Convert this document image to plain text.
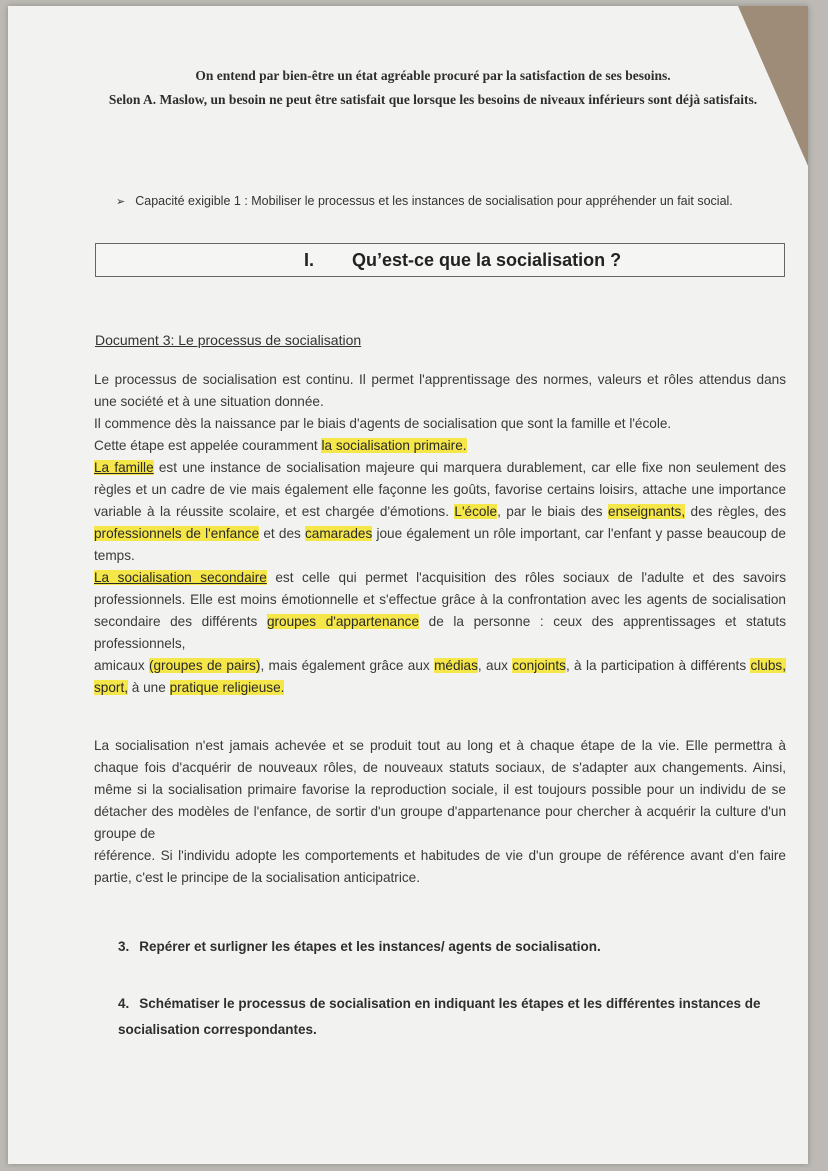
On entend par bien-être un état agréable procuré par la satisfaction de ses besoins.
Selon A. Maslow, un besoin ne peut être satisfait que lorsque les besoins de niveaux inférieurs sont déjà satisfaits.
➢ Capacité exigible 1 : Mobiliser le processus et les instances de socialisation pour appréhender un fait social.
I. Qu’est-ce que la socialisation ?
Document 3: Le processus de socialisation
Le processus de socialisation est continu. Il permet l'apprentissage des normes, valeurs et rôles attendus dans une société et à une situation donnée.
Il commence dès la naissance par le biais d'agents de socialisation que sont la famille et l'école.
Cette étape est appelée couramment la socialisation primaire.
La famille est une instance de socialisation majeure qui marquera durablement, car elle fixe non seulement des règles et un cadre de vie mais également elle façonne les goûts, favorise certains loisirs, attache une importance variable à la réussite scolaire, et est chargée d'émotions. L'école, par le biais des enseignants, des règles, des professionnels de l'enfance et des camarades joue également un rôle important, car l'enfant y passe beaucoup de temps.
La socialisation secondaire est celle qui permet l'acquisition des rôles sociaux de l'adulte et des savoirs professionnels. Elle est moins émotionnelle et s'effectue grâce à la confrontation avec les agents de socialisation secondaire des différents groupes d'appartenance de la personne : ceux des apprentissages et statuts professionnels,
amicaux (groupes de pairs), mais également grâce aux médias, aux conjoints, à la participation à différents clubs, sport, à une pratique religieuse.
La socialisation n'est jamais achevée et se produit tout au long et à chaque étape de la vie. Elle permettra à chaque fois d'acquérir de nouveaux rôles, de nouveaux statuts sociaux, de s'adapter aux changements. Ainsi, même si la socialisation primaire favorise la reproduction sociale, il est toujours possible pour un individu de se détacher des modèles de l'enfance, de sortir d'un groupe d'appartenance pour chercher à acquérir la culture d'un groupe de
référence. Si l'individu adopte les comportements et habitudes de vie d'un groupe de référence avant d'en faire partie, c'est le principe de la socialisation anticipatrice.
3. Repérer et surligner les étapes et les instances/ agents de socialisation.
4. Schématiser le processus de socialisation en indiquant les étapes et les différentes instances de socialisation correspondantes.
